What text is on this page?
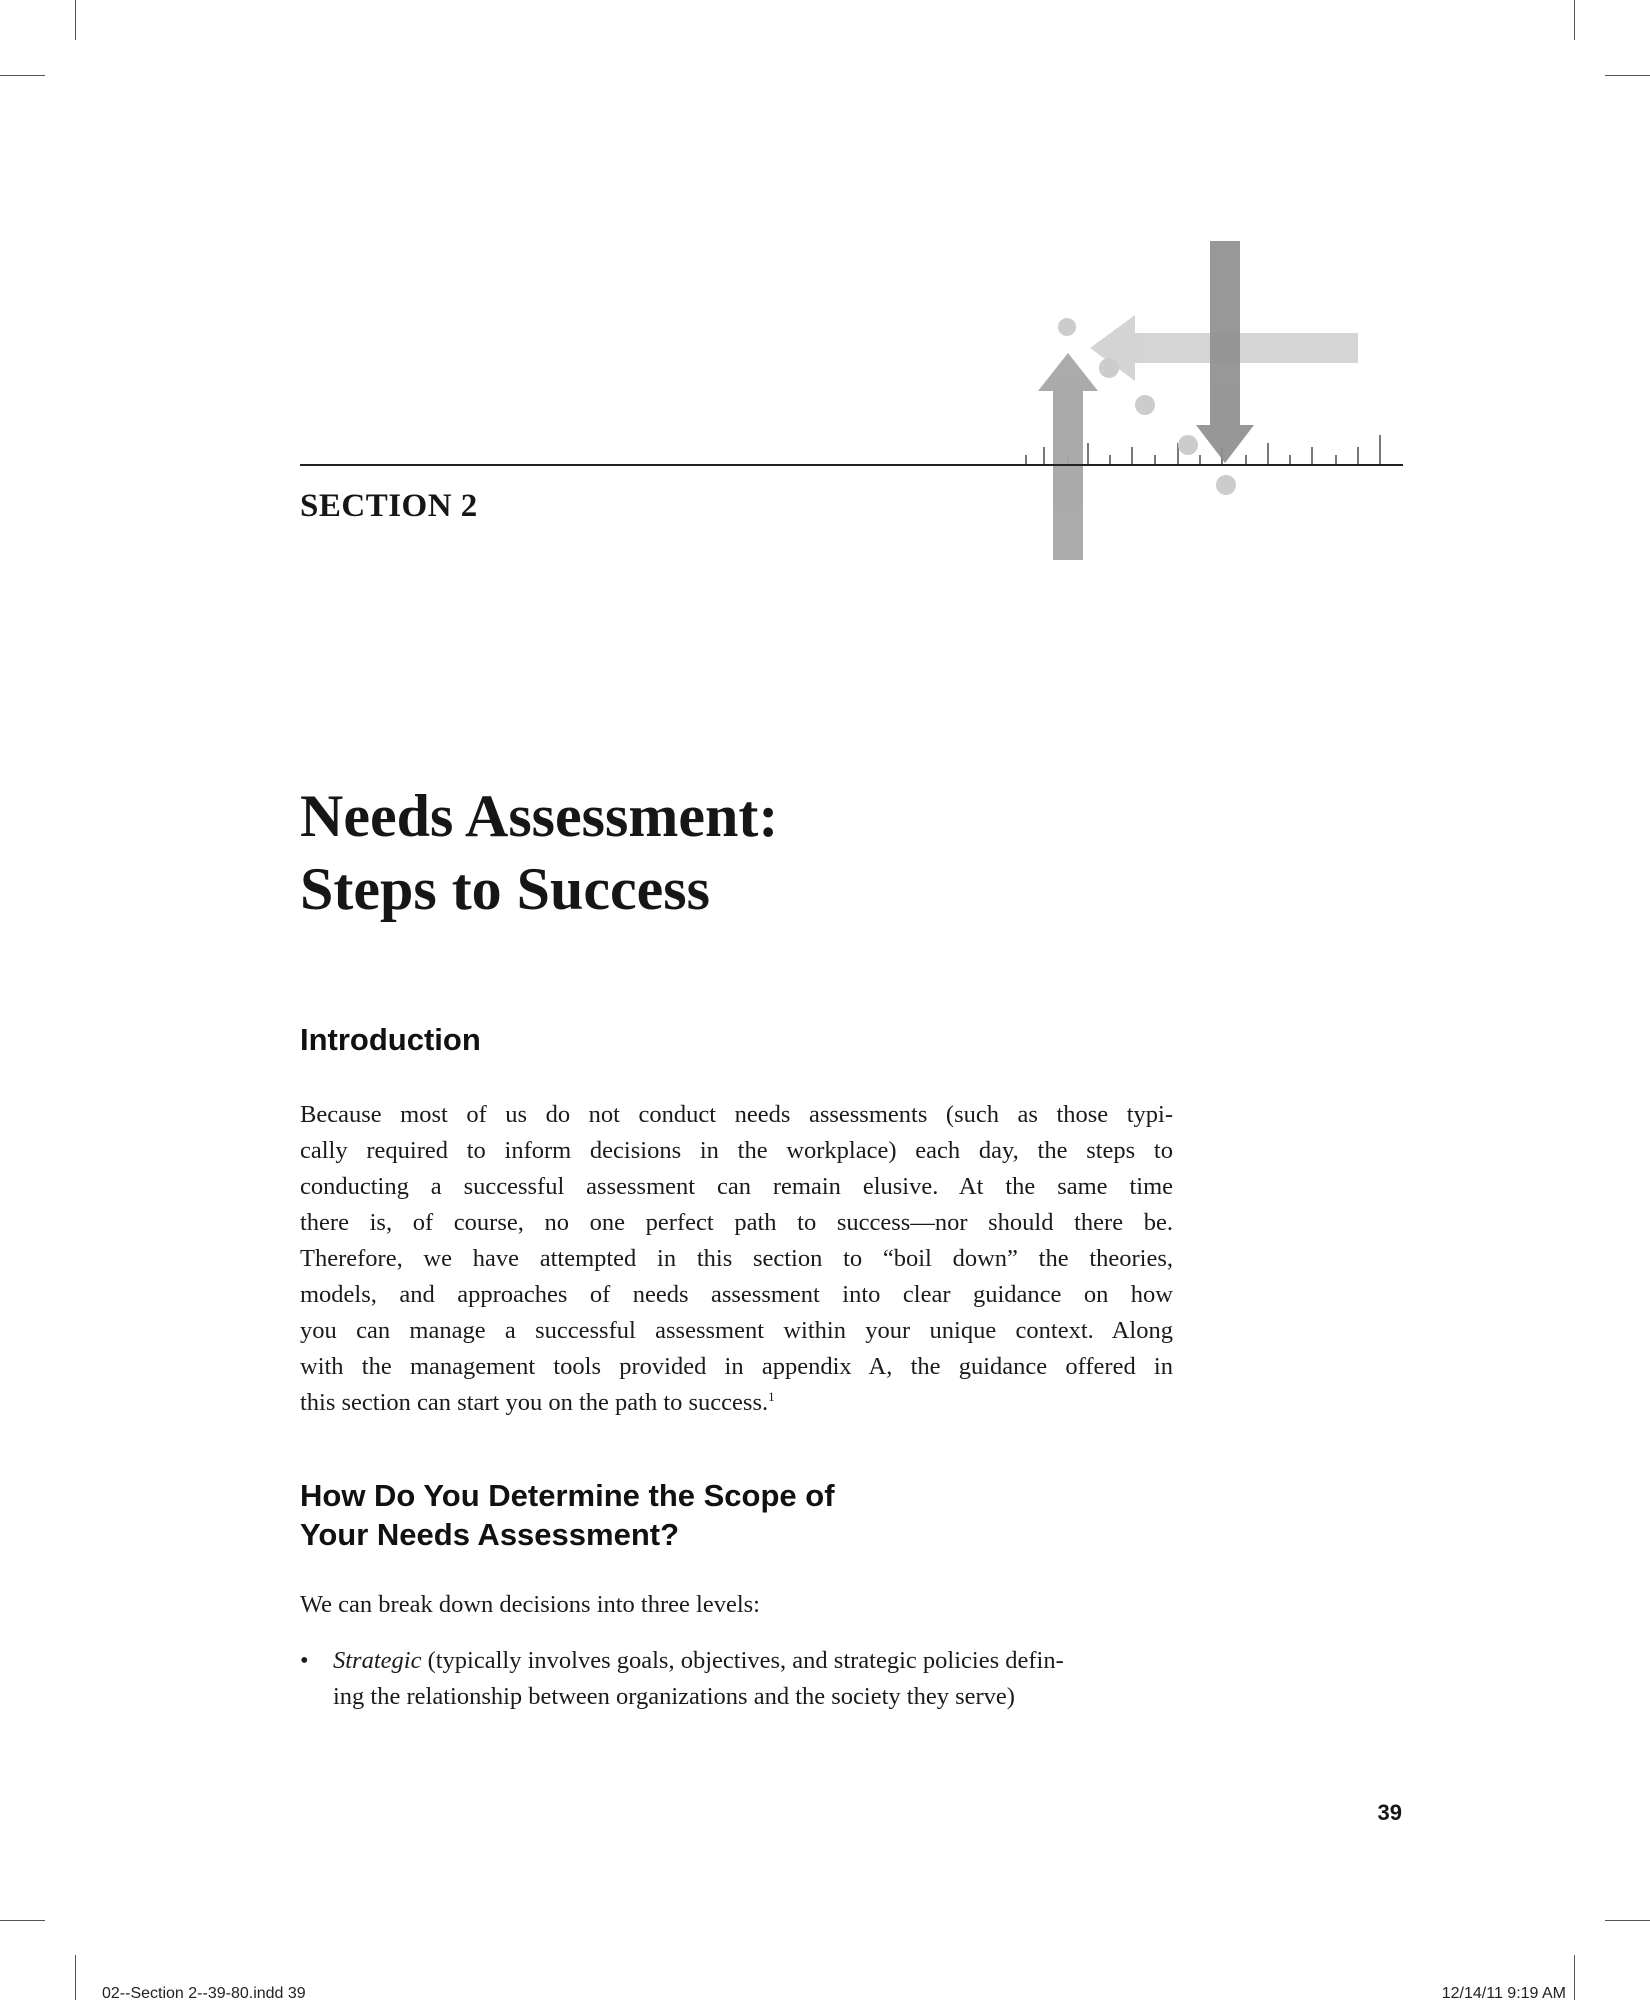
SECTION 2
Needs Assessment:
Steps to Success
Introduction
Because most of us do not conduct needs assessments (such as those typi-
cally required to inform decisions in the workplace) each day, the steps to
conducting a successful assessment can remain elusive. At the same time
there is, of course, no one perfect path to success—nor should there be.
Therefore, we have attempted in this section to “boil down” the theories,
models, and approaches of needs assessment into clear guidance on how
you can manage a successful assessment within your unique context. Along
with the management tools provided in appendix A, the guidance offered in
this section can start you on the path to success.$^1$
How Do You Determine the Scope of
Your Needs Assessment?

We can break down decisions into three levels:

• Strategic (typically involves goals, objectives, and strategic policies defin-
ing the relationship between organizations and the society they serve)
39
02--Section 2--39-80.indd 39	12/14/11 9:19 AM
